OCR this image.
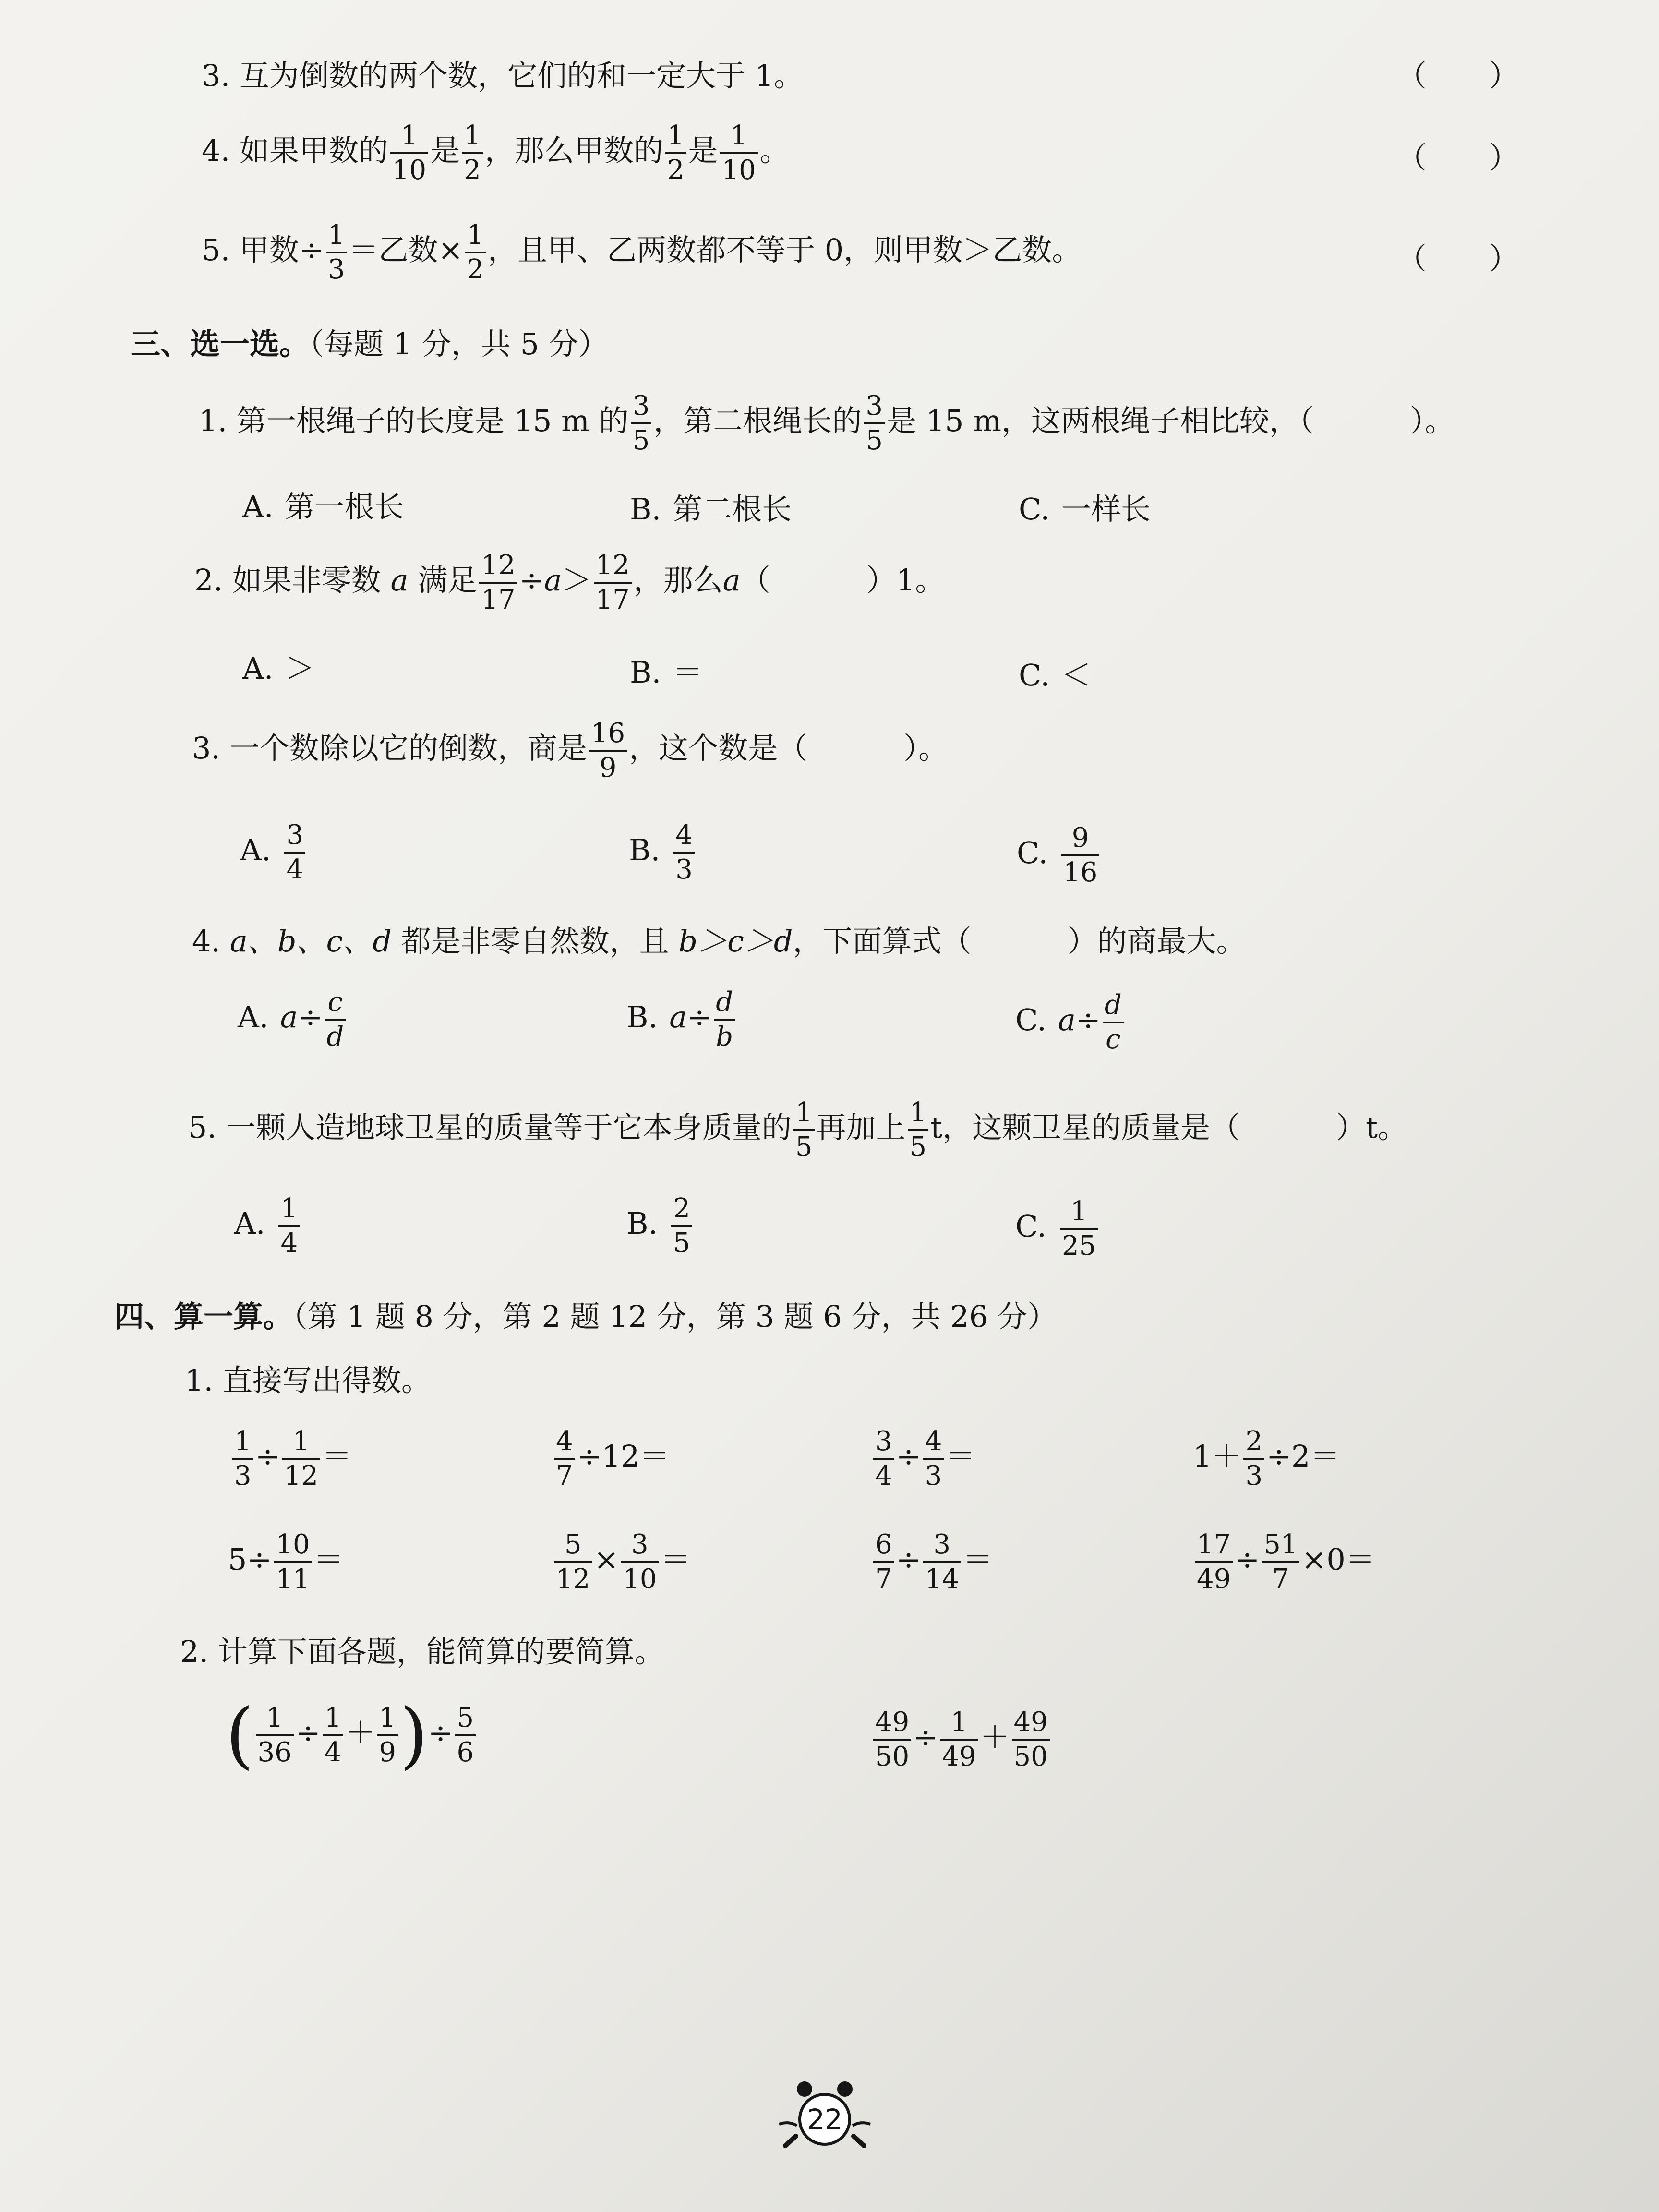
3. 互为倒数的两个数，它们的和一定大于 1。	（ ）
4. 如果甲数的 $\frac{1}{10}$ 是 $\frac{1}{2}$ ，那么甲数的 $\frac{1}{2}$ 是 $\frac{1}{10}$ 。	（ ）
5. 甲数÷ $\frac{1}{3}$ ＝乙数× $\frac{1}{2}$ ，且甲、乙两数都不等于 0，则甲数＞乙数。	（ ）
三、选一选。（每题 1 分，共 5 分）
1. 第一根绳子的长度是 15 m 的 $\frac{3}{5}$ ，第二根绳长的 $\frac{3}{5}$ 是 15 m，这两根绳子相比较，（	）。
A. 第一根长	B. 第二根长	C. 一样长
2. 如果非零数 a 满足 $\frac{12}{17} \div a> \frac{12}{17}$ ，那么a（	）1。
A. ＞	B. ＝	C. ＜
3. 一个数除以它的倒数，商是 $\frac{16}{9}$ ，这个数是（	）。
A. $\frac{3}{4}$	B. $\frac{4}{3}$	C. $\frac{9}{16}$
4. a、b、c、d 都是非零自然数，且 b＞c＞d，下面算式（	）的商最大。
A. $a\div \frac{c}{d}$	B. $a\div \frac{d}{b}$	C. $a\div \frac{d}{c}$
5. 一颗人造地球卫星的质量等于它本身质量的 $\frac{1}{5}$ 再加上 $\frac{1}{5}$ t，这颗卫星的质量是（	）t。
A. $\frac{1}{4}$	B. $\frac{2}{5}$	C. $\frac{1}{25}$
四、算一算。（第 1 题 8 分，第 2 题 12 分，第 3 题 6 分，共 26 分）
1. 直接写出得数。
$\frac{1}{3} \div \frac{1}{12}$ ＝	$\frac{4}{7} \div 12=$	$\frac{3}{4} \div \frac{4}{3}$ ＝	$1+ \frac{2}{3} \div 2=$
$5\div \frac{10}{11}$ ＝	$\frac{5}{12} \times \frac{3}{10}$ ＝	$\frac{6}{7} \div \frac{3}{14}$ ＝	$\frac{17}{49} \div \frac{51}{7} \times 0=$
2. 计算下面各题，能简算的要简算。
( $\frac{1}{36} \div \frac{1}{4} + \frac{1}{9}$ )÷ $\frac{5}{6}$	$\frac{49}{50} \div \frac{1}{49} + \frac{49}{50}$
22
